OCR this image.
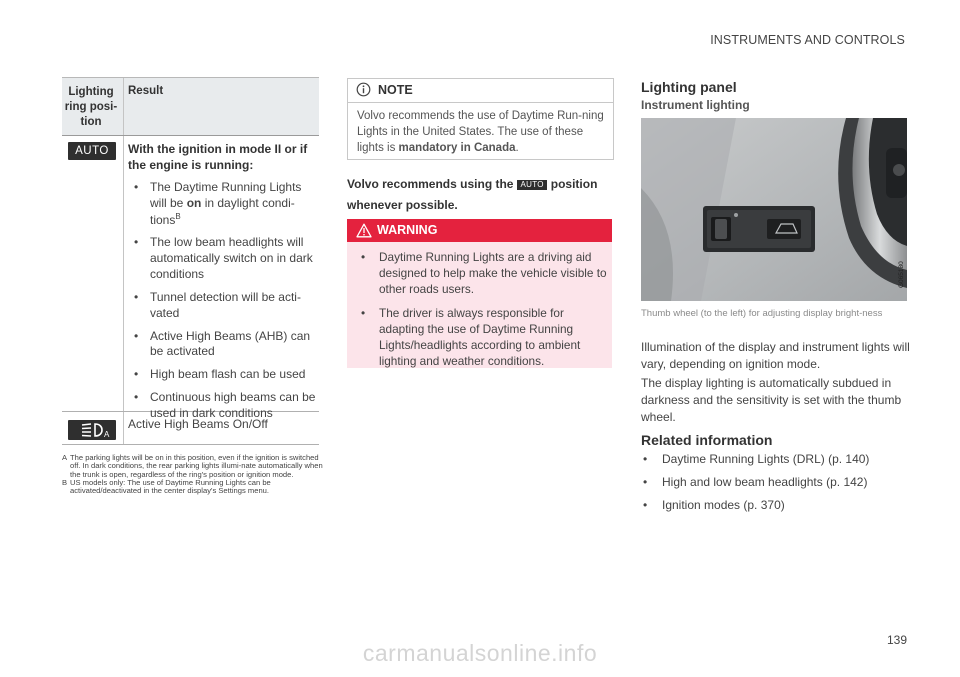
INSTRUMENTS AND CONTROLS
Lighting ring posi-tion
Result
AUTO	With the ignition in mode II or if the engine is running:
• The Daytime Running Lights will be on in daylight condi-tions$^B$
• The low beam headlights will automatically switch on in dark conditions
• Tunnel detection will be acti-vated
• Active High Beams (AHB) can be activated
• High beam flash can be used
• Continuous high beams can be used in dark conditions
A
Active High Beams On/Off
A The parking lights will be on in this position, even if the ignition is switched off. In dark conditions, the rear parking lights illumi-nate automatically when the trunk is open, regardless of the ring's position or ignition mode.
B US models only: The use of Daytime Running Lights can be activated/deactivated in the center display's Settings menu.
NOTE
Volvo recommends the use of Daytime Run-ning Lights in the United States. The use of these lights is mandatory in Canada.
Volvo recommends using the AUTO position whenever possible.
WARNING
• Daytime Running Lights are a driving aid designed to help make the vehicle visible to other roads users.
• The driver is always responsible for adapting the use of Daytime Running Lights/headlights according to ambient lighting and weather conditions.
Lighting panel
Instrument lighting
G065180
Thumb wheel (to the left) for adjusting display bright-ness
Illumination of the display and instrument lights will vary, depending on ignition mode.
The display lighting is automatically subdued in darkness and the sensitivity is set with the thumb wheel.
Related information
• Daytime Running Lights (DRL) (p. 140)
• High and low beam headlights (p. 142)
• Ignition modes (p. 370)
139
carmanualsonline.info
